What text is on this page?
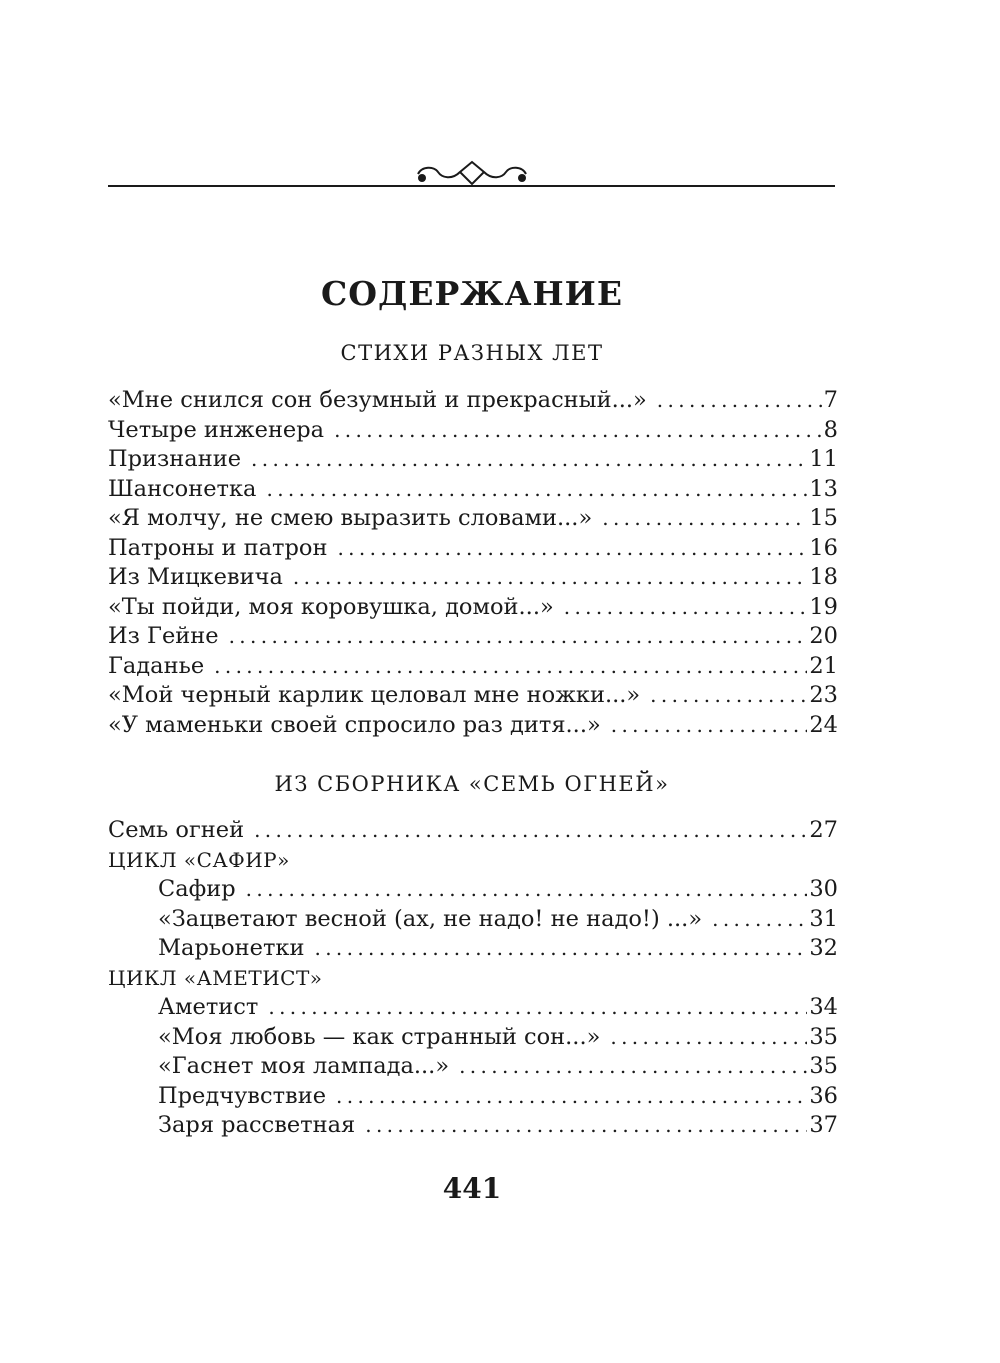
СОДЕРЖАНИЕ
СТИХИ РАЗНЫХ ЛЕТ
«Мне снился сон безумный и прекрасный...» . . .	7
Четыре инженера . . .	8
Признание . . .	11
Шансонетка . . .	13
«Я молчу, не смею выразить словами...» . . .	15
Патроны и патрон . . .	16
Из Мицкевича . . .	18
«Ты пойди, моя коровушка, домой...» . . .	19
Из Гейне . . .	20
Гаданье . . .	21
«Мой черный карлик целовал мне ножки...» . . .	23
«У маменьки своей спросило раз дитя...» . . .	24
ИЗ СБОРНИКА «СЕМЬ ОГНЕЙ»
Семь огней . . .	27
ЦИКЛ «САФИР»
Сафир . . .	30
«Зацветают весной (ах, не надо! не надо!) ...» . . .	31
Марьонетки . . .	32
ЦИКЛ «АМЕТИСТ»
Аметист . . .	34
«Моя любовь — как странный сон...» . . .	35
«Гаснет моя лампада...» . . .	35
Предчувствие . . .	36
Заря рассветная . . .	37
441
